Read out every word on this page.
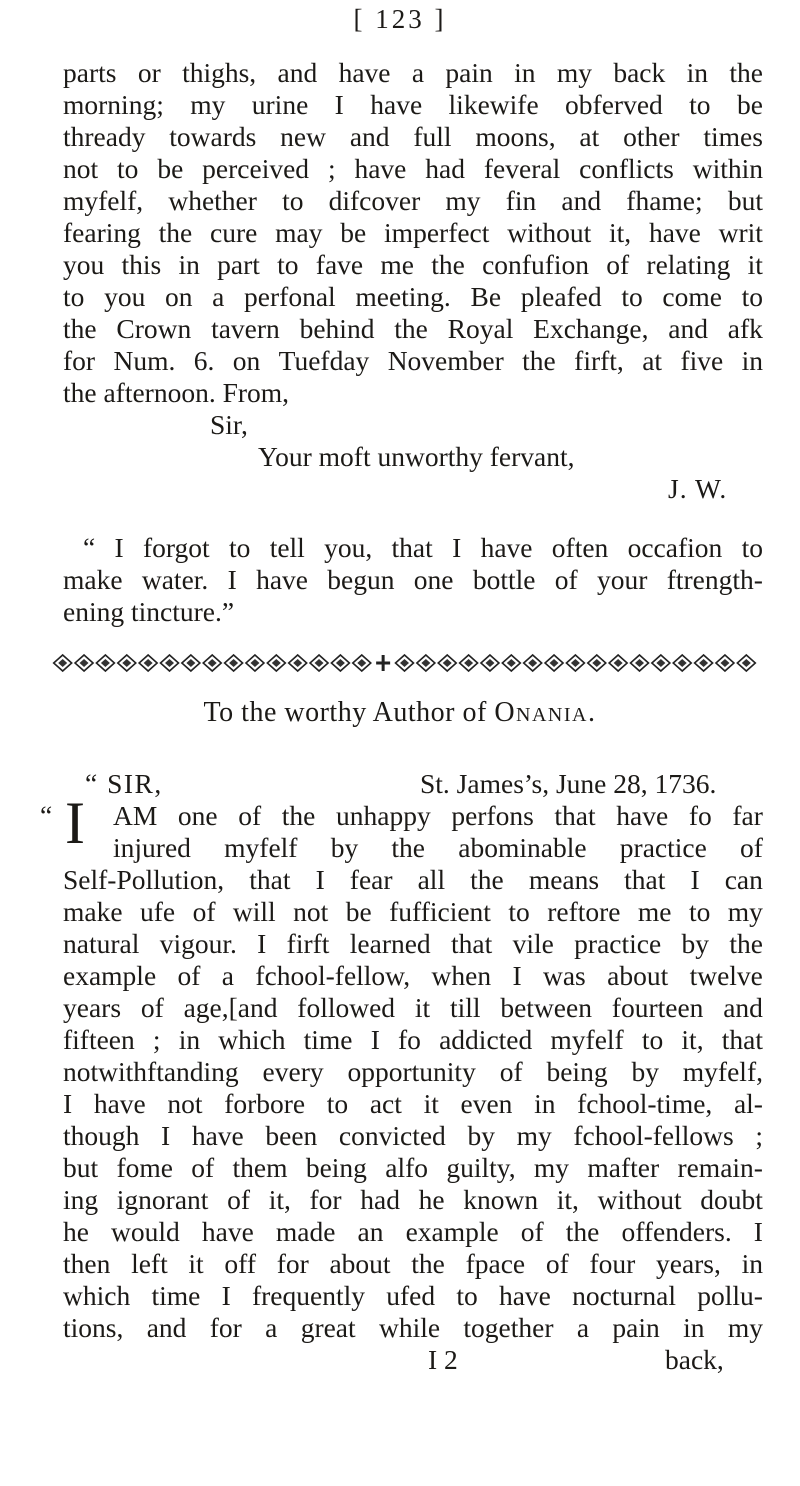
[ 123 ]
parts or thighs, and have a pain in my back in the
morning; my urine I have likewife obferved to be
thready towards new and full moons, at other times
not to be perceived ; have had feveral conflicts within
myfelf, whether to difcover my fin and fhame; but
fearing the cure may be imperfect without it, have writ
you this in part to fave me the confufion of relating it
to you on a perfonal meeting. Be pleafed to come to
the Crown tavern behind the Royal Exchange, and afk
for Num. 6. on Tuefday November the firft, at five in
the afternoon. From,
Sir,
Your moft unworthy fervant,
J. W.
“ I forgot to tell you, that I have often occafion to
make water. I have begun one bottle of your ftrength-
ening tincture.”
To the worthy Author of Onania.
“ SIR,	St. James’s, June 28, 1736.
“ I AM one of the unhappy perfons that have fo far
injured myfelf by the abominable practice of
Self-Pollution, that I fear all the means that I can
make ufe of will not be fufficient to reftore me to my
natural vigour. I firft learned that vile practice by the
example of a fchool-fellow, when I was about twelve
years of age,[and followed it till between fourteen and
fifteen ; in which time I fo addicted myfelf to it, that
notwithftanding every opportunity of being by myfelf,
I have not forbore to act it even in fchool-time, al-
though I have been convicted by my fchool-fellows ;
but fome of them being alfo guilty, my mafter remain-
ing ignorant of it, for had he known it, without doubt
he would have made an example of the offenders. I
then left it off for about the fpace of four years, in
which time I frequently ufed to have nocturnal pollu-
tions, and for a great while together a pain in my
I 2	back,
